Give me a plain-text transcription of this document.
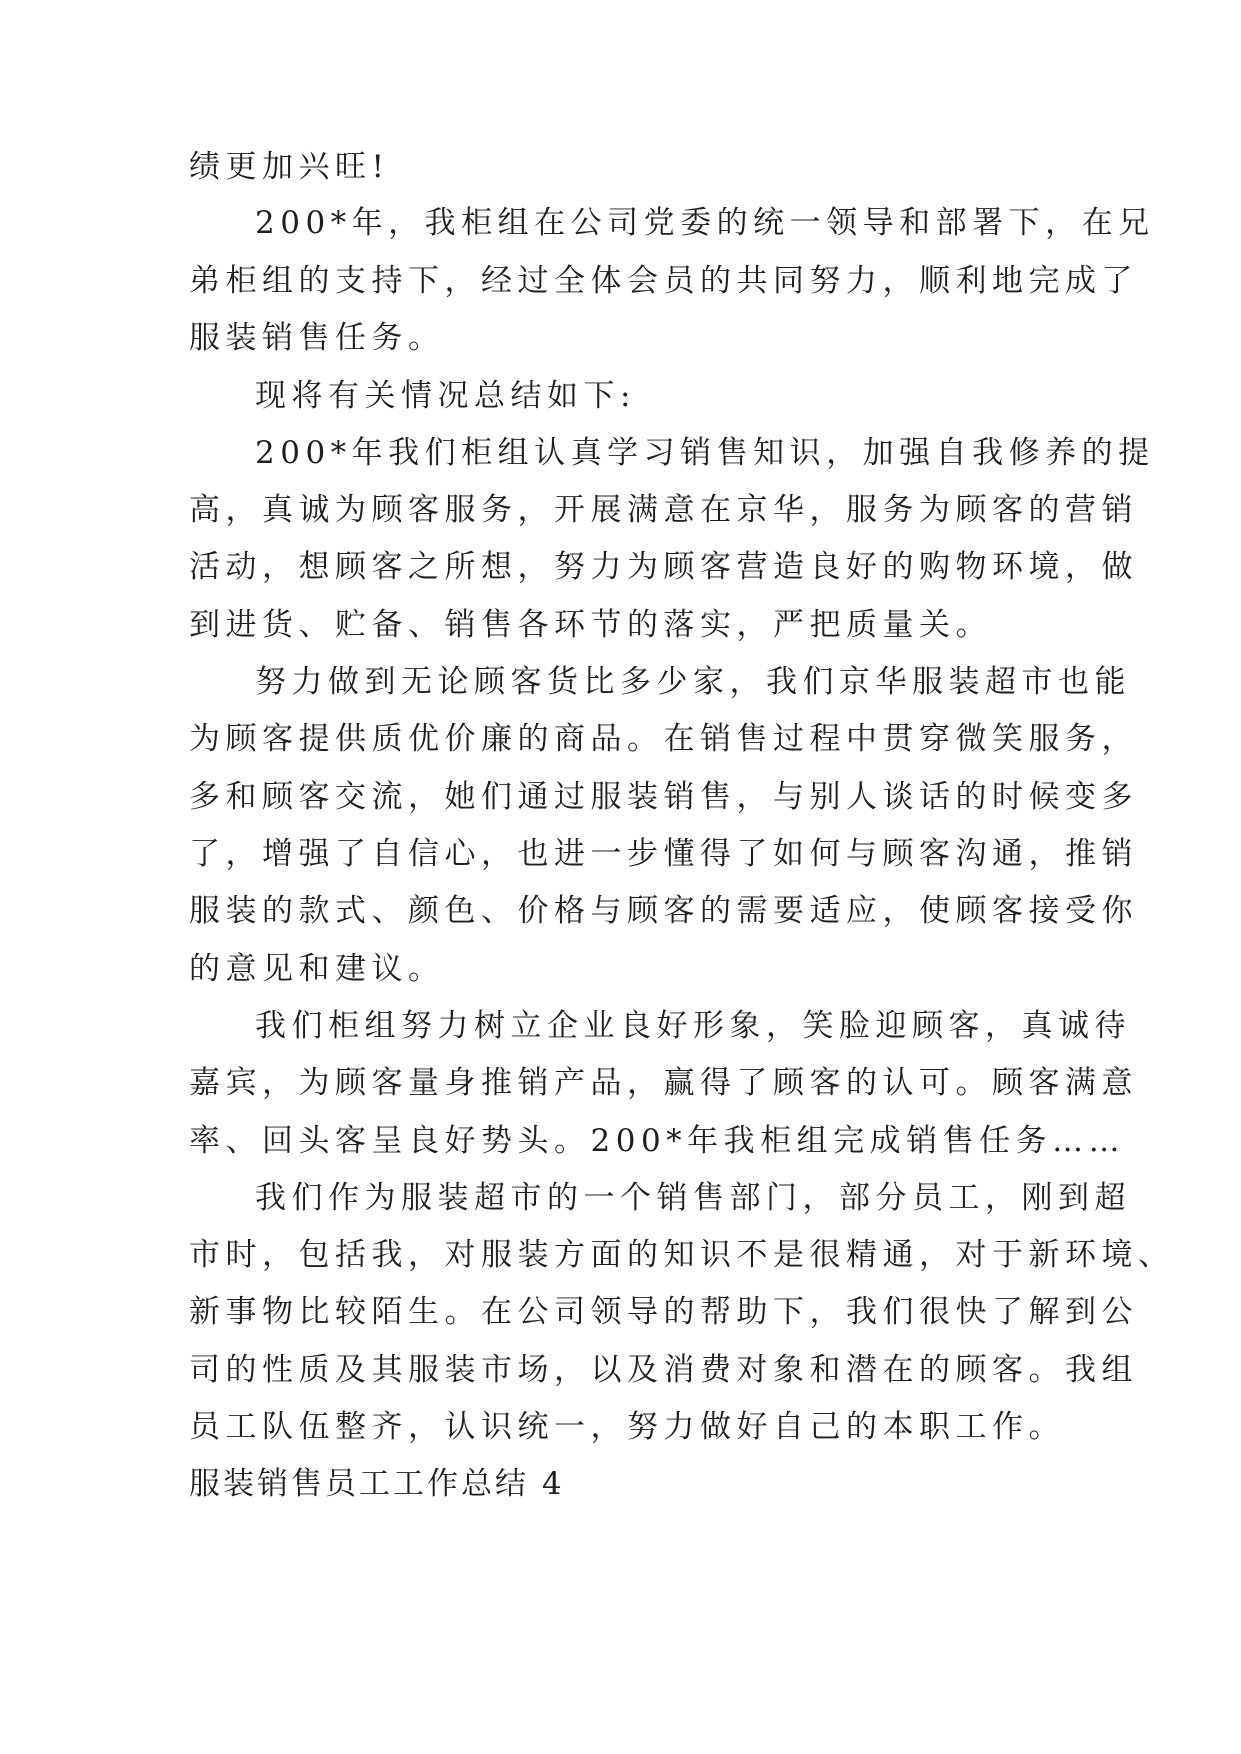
绩更加兴旺!

200*年，我柜组在公司党委的统一领导和部署下，在兄

弟柜组的支持下，经过全体会员的共同努力，顺利地完成了

服装销售任务。

现将有关情况总结如下:

200*年我们柜组认真学习销售知识，加强自我修养的提

高，真诚为顾客服务，开展满意在京华，服务为顾客的营销

活动，想顾客之所想，努力为顾客营造良好的购物环境，做

到进货、贮备、销售各环节的落实，严把质量关。

努力做到无论顾客货比多少家，我们京华服装超市也能

为顾客提供质优价廉的商品。在销售过程中贯穿微笑服务，

多和顾客交流，她们通过服装销售，与别人谈话的时候变多

了，增强了自信心，也进一步懂得了如何与顾客沟通，推销

服装的款式、颜色、价格与顾客的需要适应，使顾客接受你

的意见和建议。

我们柜组努力树立企业良好形象，笑脸迎顾客，真诚待

嘉宾，为顾客量身推销产品，赢得了顾客的认可。顾客满意

率、回头客呈良好势头。200*年我柜组完成销售任务……

我们作为服装超市的一个销售部门，部分员工，刚到超

市时，包括我，对服装方面的知识不是很精通，对于新环境、

新事物比较陌生。在公司领导的帮助下，我们很快了解到公

司的性质及其服装市场，以及消费对象和潜在的顾客。我组

员工队伍整齐，认识统一，努力做好自己的本职工作。

服装销售员工工作总结 4
